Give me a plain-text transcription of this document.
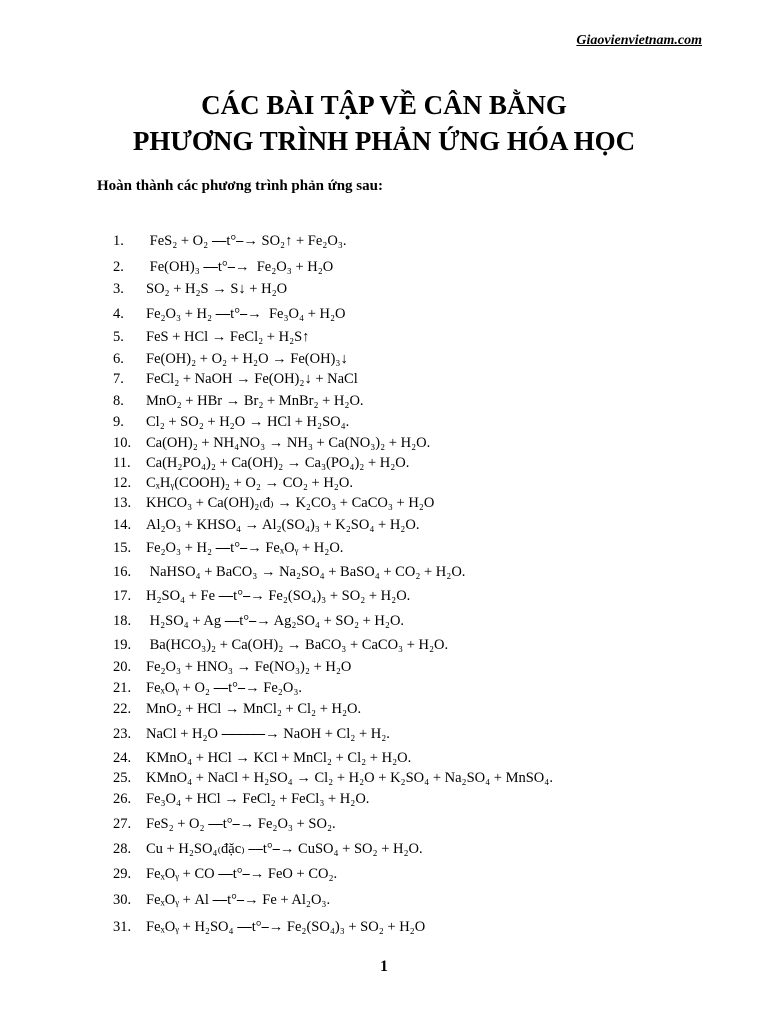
Giaovienvietnam.com
CÁC BÀI TẬP VỀ CÂN BẰNG
PHƯƠNG TRÌNH PHẢN ỨNG HÓA HỌC
Hoàn thành các phương trình phản ứng sau:
1. FeS₂ + O₂ ⎯⎯t°⎯→ SO₂↑ + Fe₂O₃.
2. Fe(OH)₃ ⎯⎯t°⎯→  Fe₂O₃ + H₂O
3. SO₂ + H₂S → S↓ + H₂O
4. Fe₂O₃ + H₂ ⎯⎯t°⎯→  Fe₃O₄ + H₂O
5. FeS + HCl → FeCl₂ + H₂S↑
6. Fe(OH)₂ + O₂ + H₂O → Fe(OH)₃↓
7. FeCl₂ + NaOH → Fe(OH)₂↓ + NaCl
8. MnO₂ + HBr → Br₂ + MnBr₂ + H₂O.
9. Cl₂ + SO₂ + H₂O → HCl + H₂SO₄.
10. Ca(OH)₂ + NH₄NO₃ → NH₃ + Ca(NO₃)₂ + H₂O.
11. Ca(H₂PO₄)₂ + Ca(OH)₂ → Ca₃(PO₄)₂ + H₂O.
12. CₓHᵧ(COOH)₂ + O₂ → CO₂ + H₂O.
13. KHCO₃ + Ca(OH)₂₍đ₎ → K₂CO₃ + CaCO₃ + H₂O
14. Al₂O₃ + KHSO₄ → Al₂(SO₄)₃ + K₂SO₄ + H₂O.
15. Fe₂O₃ + H₂ ⎯⎯t°⎯→ FeₓOᵧ + H₂O.
16. NaHSO₄ + BaCO₃ → Na₂SO₄ + BaSO₄ + CO₂ + H₂O.
17. H₂SO₄ + Fe ⎯⎯t°⎯→ Fe₂(SO₄)₃ + SO₂ + H₂O.
18. H₂SO₄ + Ag ⎯⎯t°⎯→ Ag₂SO₄ + SO₂ + H₂O.
19. Ba(HCO₃)₂ + Ca(OH)₂ → BaCO₃ + CaCO₃ + H₂O.
20. Fe₂O₃ + HNO₃ → Fe(NO₃)₂ + H₂O
21. FeₓOᵧ + O₂ ⎯⎯t°⎯→ Fe₂O₃.
22. MnO₂ + HCl → MnCl₂ + Cl₂ + H₂O.
23. NaCl + H₂O ⎯⎯⎯⎯⎯⎯→ NaOH + Cl₂ + H₂.
24. KMnO₄ + HCl → KCl + MnCl₂ + Cl₂ + H₂O.
25. KMnO₄ + NaCl + H₂SO₄ → Cl₂ + H₂O + K₂SO₄ + Na₂SO₄ + MnSO₄.
26. Fe₃O₄ + HCl → FeCl₂ + FeCl₃ + H₂O.
27. FeS₂ + O₂ ⎯⎯t°⎯→ Fe₂O₃ + SO₂.
28. Cu + H₂SO₄₍đặc₎ ⎯⎯t°⎯→ CuSO₄ + SO₂ + H₂O.
29. FeₓOᵧ + CO ⎯⎯t°⎯→ FeO + CO₂.
30. FeₓOᵧ + Al ⎯⎯t°⎯→ Fe + Al₂O₃.
31. FeₓOᵧ + H₂SO₄ ⎯⎯t°⎯→ Fe₂(SO₄)₃ + SO₂ + H₂O
1
